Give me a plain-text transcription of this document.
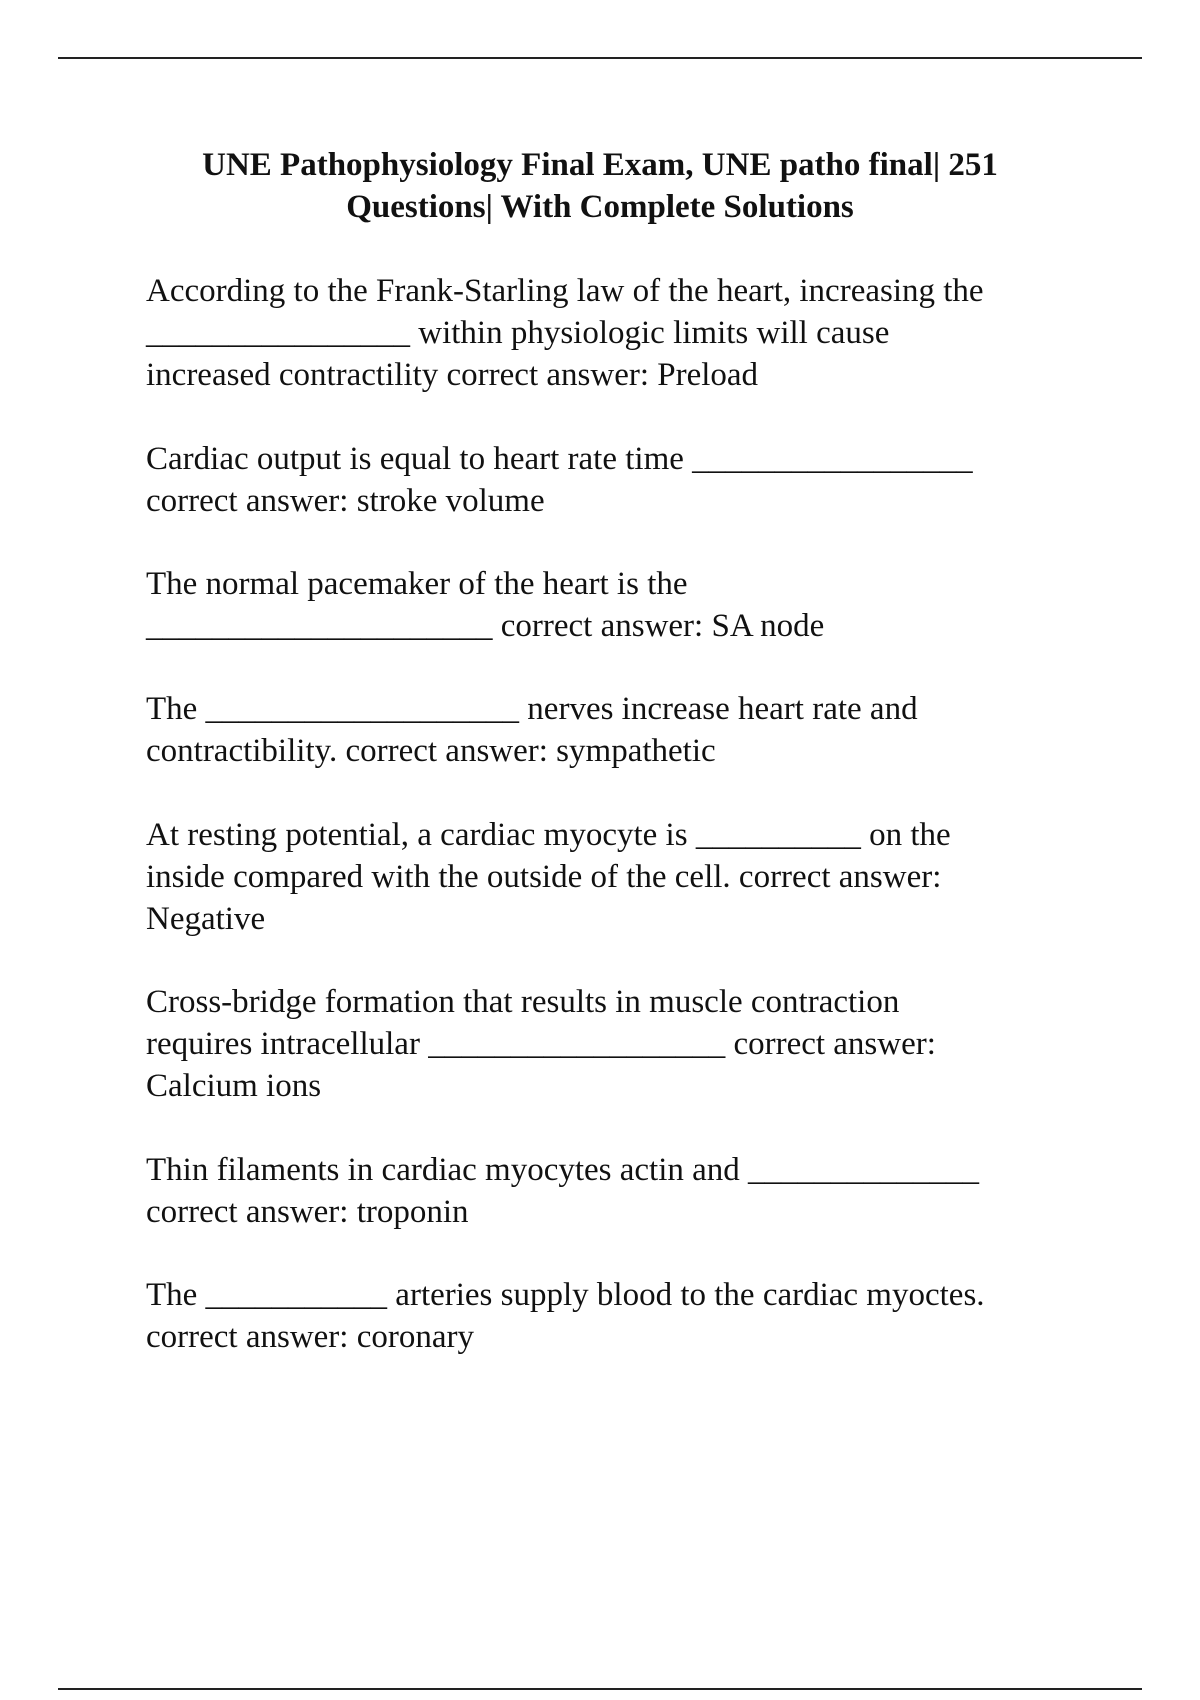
UNE Pathophysiology Final Exam, UNE patho final| 251
Questions| With Complete Solutions

According to the Frank-Starling law of the heart, increasing the
________________ within physiologic limits will cause
increased contractility correct answer: Preload

Cardiac output is equal to heart rate time _________________
correct answer: stroke volume

The normal pacemaker of the heart is the
_____________________ correct answer: SA node

The ___________________ nerves increase heart rate and
contractibility. correct answer: sympathetic

At resting potential, a cardiac myocyte is __________ on the
inside compared with the outside of the cell. correct answer:
Negative

Cross-bridge formation that results in muscle contraction
requires intracellular __________________ correct answer:
Calcium ions

Thin filaments in cardiac myocytes actin and ______________
correct answer: troponin

The ___________ arteries supply blood to the cardiac myoctes.
correct answer: coronary
